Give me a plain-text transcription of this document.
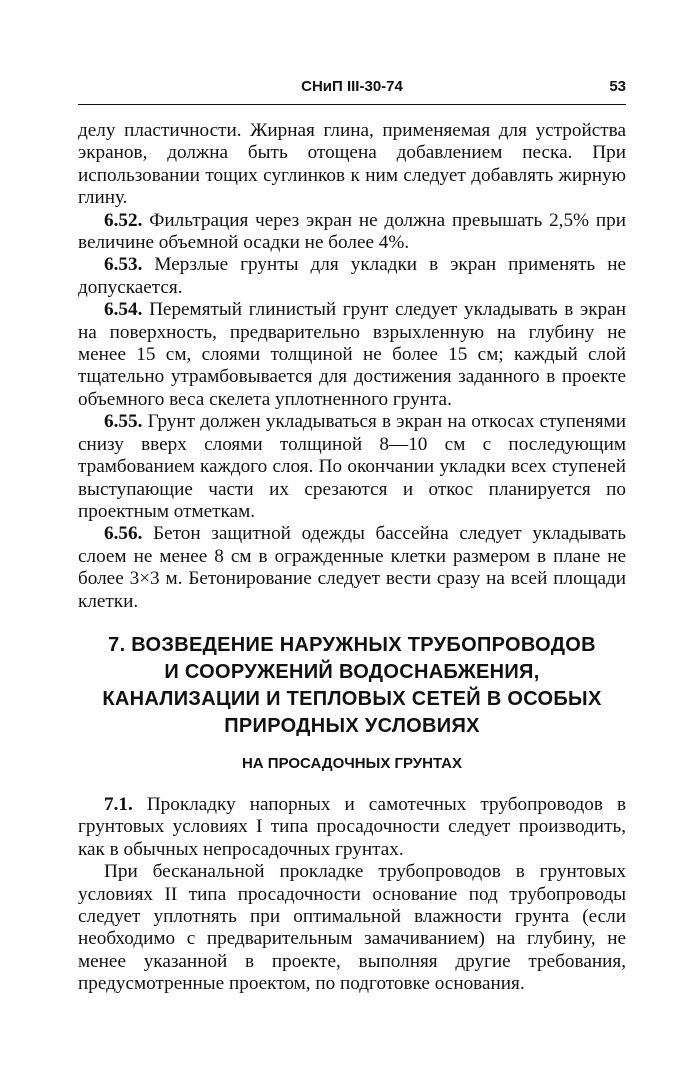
СНиП III-30-74	53

делу пластичности. Жирная глина, применяемая для устройства экранов, должна быть отощена добавлением песка. При использовании тощих суглинков к ним следует добавлять жирную глину.

6.52. Фильтрация через экран не должна превышать 2,5% при величине объемной осадки не более 4%.

6.53. Мерзлые грунты для укладки в экран применять не допускается.

6.54. Перемятый глинистый грунт следует укладывать в экран на поверхность, предварительно взрыхленную на глубину не менее 15 см, слоями толщиной не более 15 см; каждый слой тщательно утрамбовывается для достижения заданного в проекте объемного веса скелета уплотненного грунта.

6.55. Грунт должен укладываться в экран на откосах ступенями снизу вверх слоями толщиной 8—10 см с последующим трамбованием каждого слоя. По окончании укладки всех ступеней выступающие части их срезаются и откос планируется по проектным отметкам.

6.56. Бетон защитной одежды бассейна следует укладывать слоем не менее 8 см в огражденные клетки размером в плане не более 3×3 м. Бетонирование следует вести сразу на всей площади клетки.

7. ВОЗВЕДЕНИЕ НАРУЖНЫХ ТРУБОПРОВОДОВ
И СООРУЖЕНИЙ ВОДОСНАБЖЕНИЯ,
КАНАЛИЗАЦИИ И ТЕПЛОВЫХ СЕТЕЙ В ОСОБЫХ
ПРИРОДНЫХ УСЛОВИЯХ
НА ПРОСАДОЧНЫХ ГРУНТАХ

7.1. Прокладку напорных и самотечных трубопроводов в грунтовых условиях I типа просадочности следует производить, как в обычных непросадочных грунтах.

При бесканальной прокладке трубопроводов в грунтовых условиях II типа просадочности основание под трубопроводы следует уплотнять при оптимальной влажности грунта (если необходимо с предварительным замачиванием) на глубину, не менее указанной в проекте, выполняя другие требования, предусмотренные проектом, по подготовке основания.
